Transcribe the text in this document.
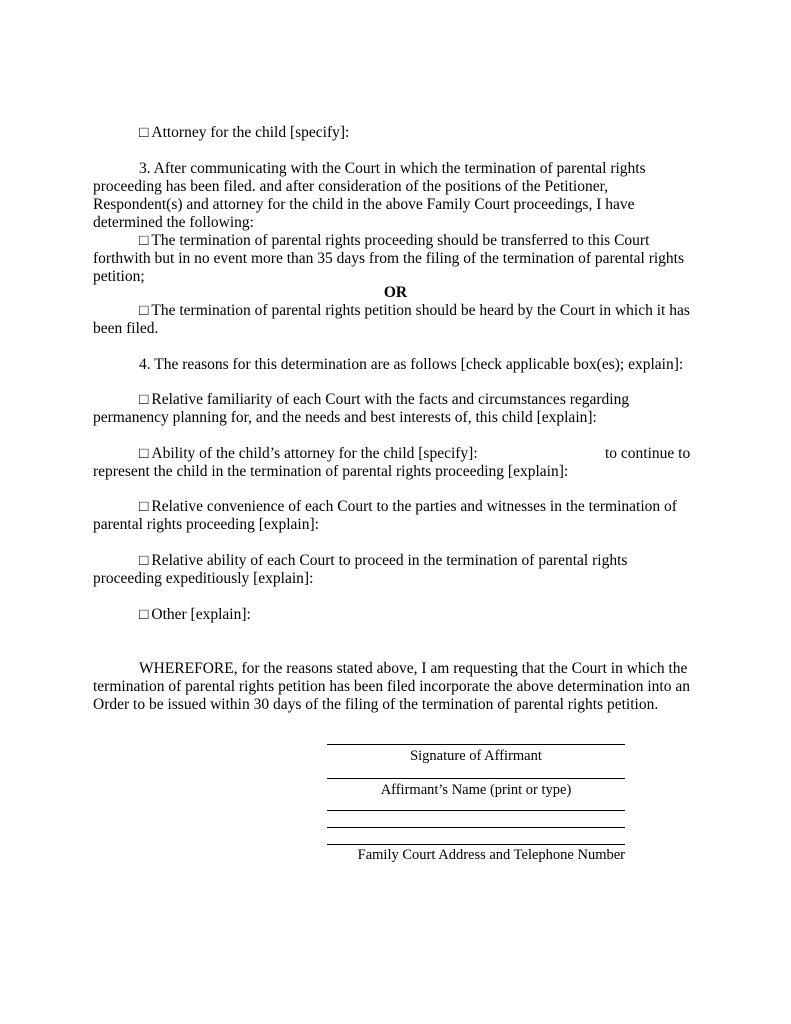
□ Attorney for the child [specify]:
3. After communicating with the Court in which the termination of parental rights
proceeding has been filed. and after consideration of the positions of the Petitioner,
Respondent(s) and attorney for the child in the above Family Court proceedings, I have
determined the following:
□ The termination of parental rights proceeding should be transferred to this Court
forthwith but in no event more than 35 days from the filing of the termination of parental rights
petition;
OR
□ The termination of parental rights petition should be heard by the Court in which it has
been filed.
4. The reasons for this determination are as follows [check applicable box(es); explain]:
□ Relative familiarity of each Court with the facts and circumstances regarding
permanency planning for, and the needs and best interests of, this child [explain]:
□ Ability of the child’s attorney for the child [specify]:	to continue to
represent the child in the termination of parental rights proceeding [explain]:
□ Relative convenience of each Court to the parties and witnesses in the termination of
parental rights proceeding [explain]:
□ Relative ability of each Court to proceed in the termination of parental rights
proceeding expeditiously [explain]:
□ Other [explain]:
WHEREFORE, for the reasons stated above, I am requesting that the Court in which the
termination of parental rights petition has been filed incorporate the above determination into an
Order to be issued within 30 days of the filing of the termination of parental rights petition.
Signature of Affirmant
Affirmant’s Name (print or type)
Family Court Address and Telephone Number
